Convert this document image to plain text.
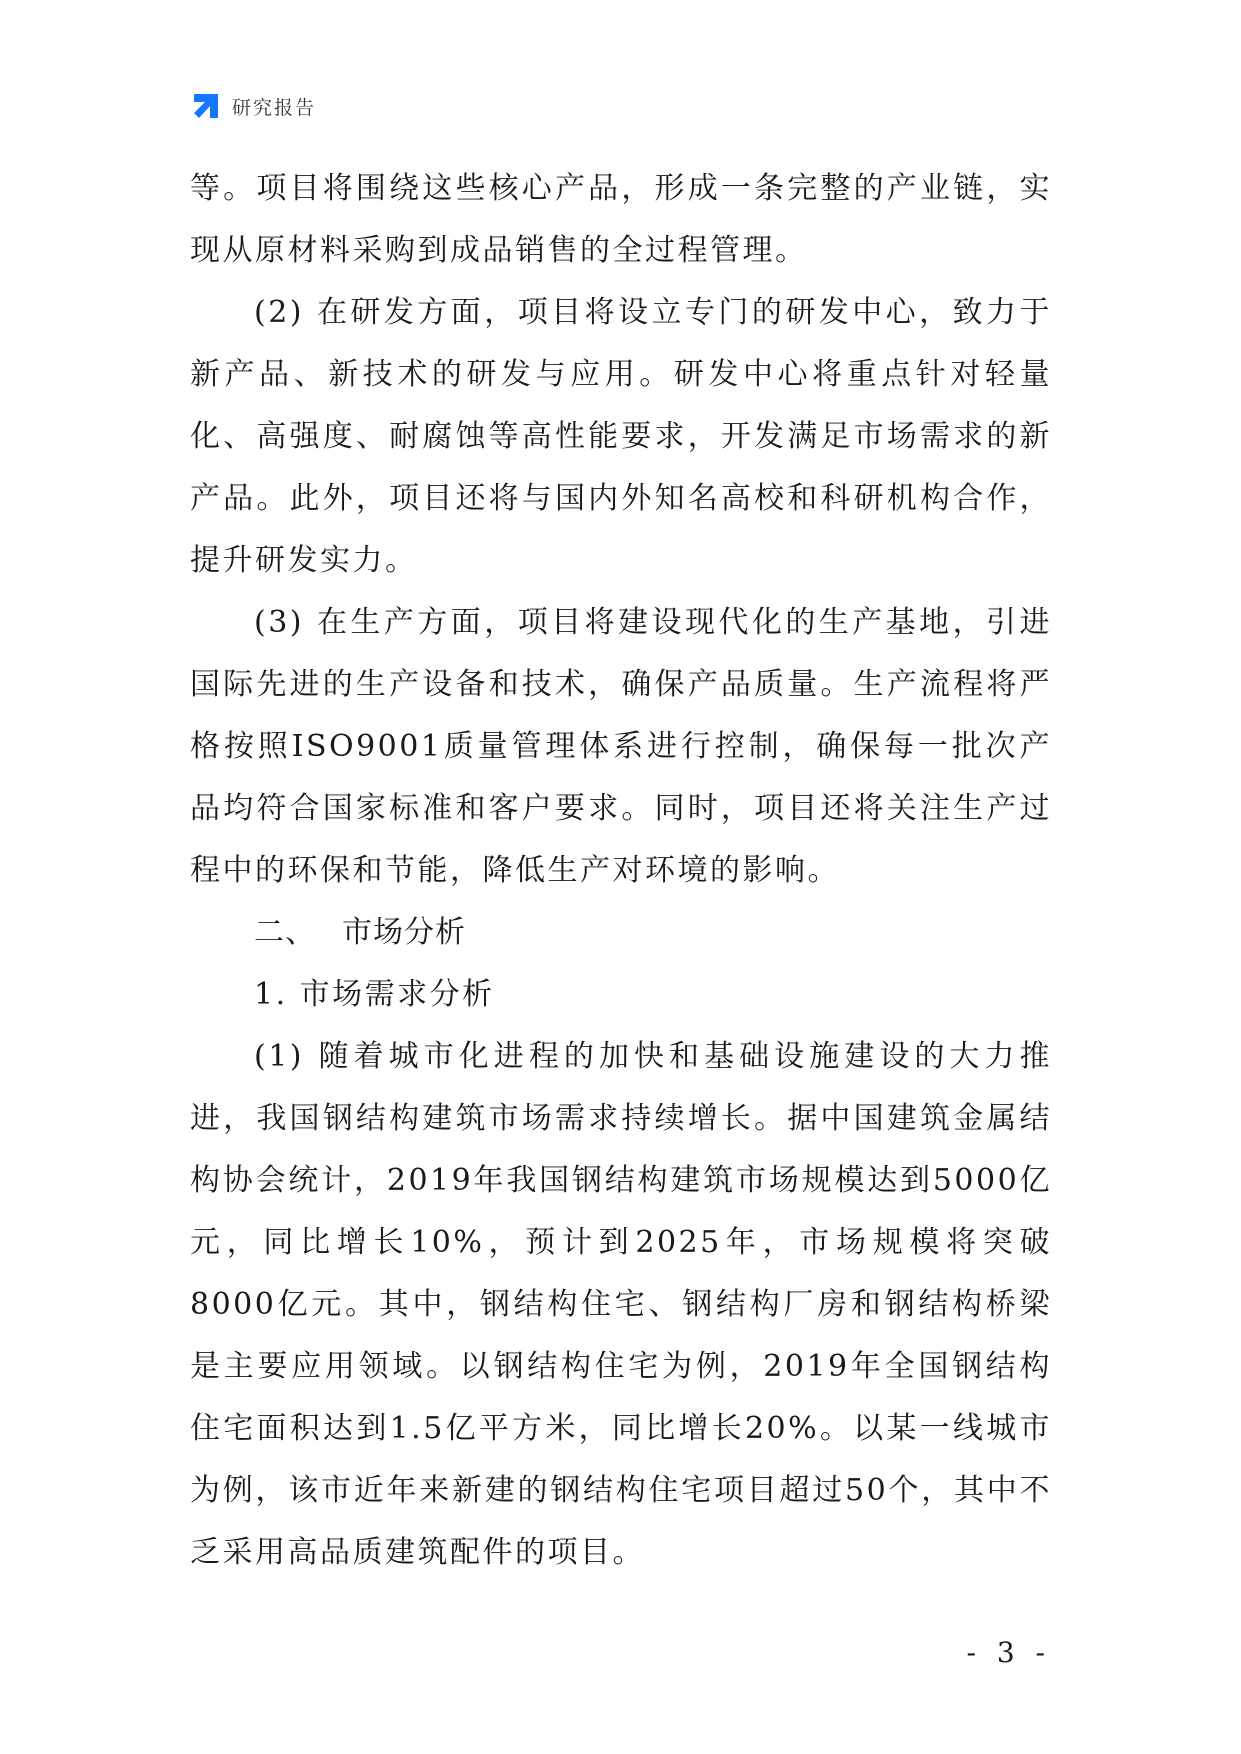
研究报告

等。项目将围绕这些核心产品，形成一条完整的产业链，实现从原材料采购到成品销售的全过程管理。

(2) 在研发方面，项目将设立专门的研发中心，致力于新产品、新技术的研发与应用。研发中心将重点针对轻量化、高强度、耐腐蚀等高性能要求，开发满足市场需求的新产品。此外，项目还将与国内外知名高校和科研机构合作，提升研发实力。

(3) 在生产方面，项目将建设现代化的生产基地，引进国际先进的生产设备和技术，确保产品质量。生产流程将严格按照ISO9001质量管理体系进行控制，确保每一批次产品均符合国家标准和客户要求。同时，项目还将关注生产过程中的环保和节能，降低生产对环境的影响。

二、 市场分析

1. 市场需求分析

(1) 随着城市化进程的加快和基础设施建设的大力推进，我国钢结构建筑市场需求持续增长。据中国建筑金属结构协会统计，2019年我国钢结构建筑市场规模达到5000亿元，同比增长10%，预计到2025年，市场规模将突破8000亿元。其中，钢结构住宅、钢结构厂房和钢结构桥梁是主要应用领域。以钢结构住宅为例，2019年全国钢结构住宅面积达到1.5亿平方米，同比增长20%。以某一线城市为例，该市近年来新建的钢结构住宅项目超过50个，其中不乏采用高品质建筑配件的项目。

- 3 -
